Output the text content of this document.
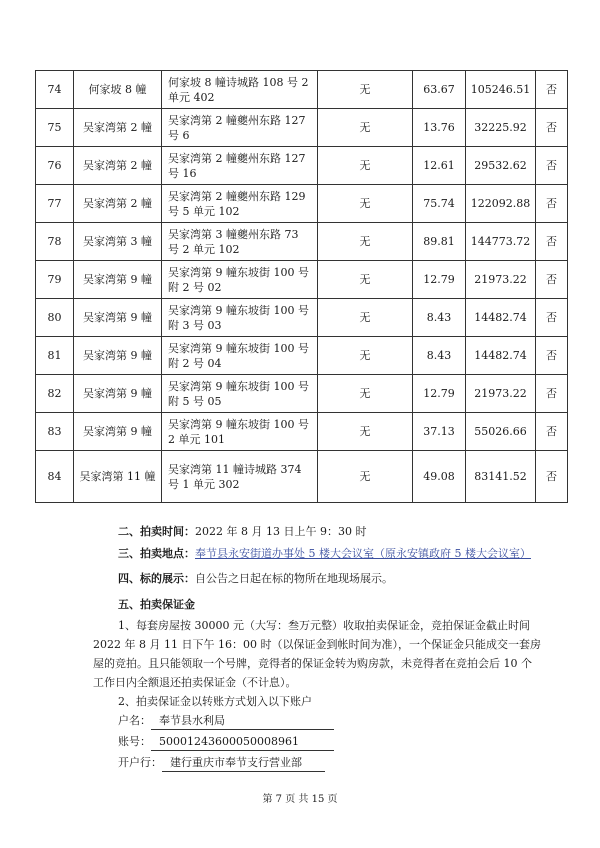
74	何家坡 8 幢	何家坡 8 幢诗城路 108 号 2
单元 402	无	63.67	105246.51	否
75	吴家湾第 2 幢	吴家湾第 2 幢夔州东路 127
号 6	无	13.76	32225.92	否
76	吴家湾第 2 幢	吴家湾第 2 幢夔州东路 127
号 16	无	12.61	29532.62	否
77	吴家湾第 2 幢	吴家湾第 2 幢夔州东路 129
号 5 单元 102	无	75.74	122092.88	否
78	吴家湾第 3 幢	吴家湾第 3 幢夔州东路 73
号 2 单元 102	无	89.81	144773.72	否
79	吴家湾第 9 幢	吴家湾第 9 幢东坡街 100 号
附 2 号 02	无	12.79	21973.22	否
80	吴家湾第 9 幢	吴家湾第 9 幢东坡街 100 号
附 3 号 03	无	8.43	14482.74	否
81	吴家湾第 9 幢	吴家湾第 9 幢东坡街 100 号
附 2 号 04	无	8.43	14482.74	否
82	吴家湾第 9 幢	吴家湾第 9 幢东坡街 100 号
附 5 号 05	无	12.79	21973.22	否
83	吴家湾第 9 幢	吴家湾第 9 幢东坡街 100 号
2 单元 101	无	37.13	55026.66	否
84	吴家湾第 11 幢	吴家湾第 11 幢诗城路 374
号 1 单元 302	无	49.08	83141.52	否
二、拍卖时间：2022 年 8 月 13 日上午 9：30 时
三、拍卖地点：奉节县永安街道办事处 5 楼大会议室（原永安镇政府 5 楼大会议室）
四、标的展示：自公告之日起在标的物所在地现场展示。
五、拍卖保证金
1、每套房屋按 30000 元（大写：叁万元整）收取拍卖保证金，竞拍保证金截止时间
2022 年 8 月 11 日下午 16：00 时（以保证金到帐时间为准），一个保证金只能成交一套房
屋的竞拍。且只能领取一个号牌，竞得者的保证金转为购房款，未竞得者在竞拍会后 10 个
工作日内全额退还拍卖保证金（不计息）。
2、拍卖保证金以转账方式划入以下账户
户名： 奉节县水利局
账号： 50001243600050008961
开户行： 建行重庆市奉节支行营业部
第 7 页 共 15 页
